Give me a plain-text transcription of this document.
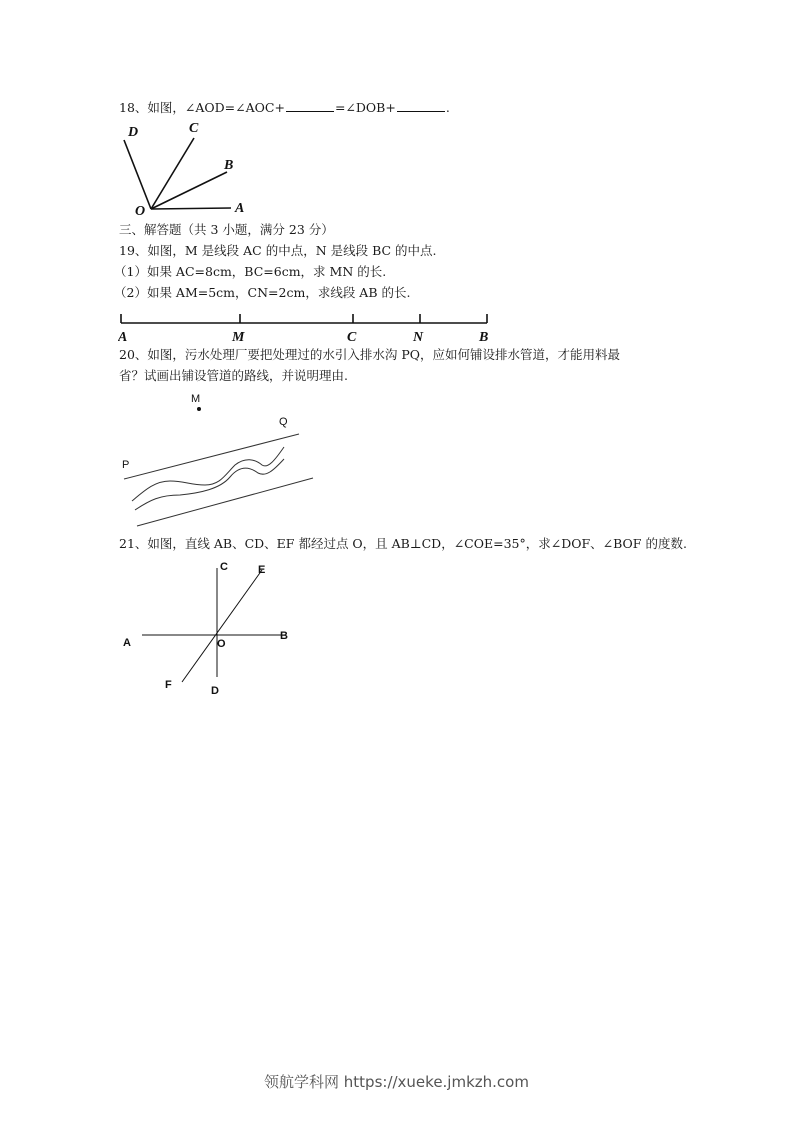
18、如图，∠AOD=∠AOC+	=∠DOB+	.
D	C
B
O	A
三、解答题（共 3 小题，满分 23 分）
19、如图，M 是线段 AC 的中点，N 是线段 BC 的中点.
（1）如果 AC=8cm，BC=6cm，求 MN 的长.
（2）如果 AM=5cm，CN=2cm，求线段 AB 的长.
A	M	C	N	B
20、如图，污水处理厂要把处理过的水引入排水沟 PQ，应如何铺设排水管道，才能用料最
省？试画出铺设管道的路线，并说明理由.
M
Q
P
21、如图，直线 AB、CD、EF 都经过点 O，且 AB⊥CD，∠COE=35°，求∠DOF、∠BOF 的度数.
A
B
C
D
E
F
O
领航学科网 https://xueke.jmkzh.com
